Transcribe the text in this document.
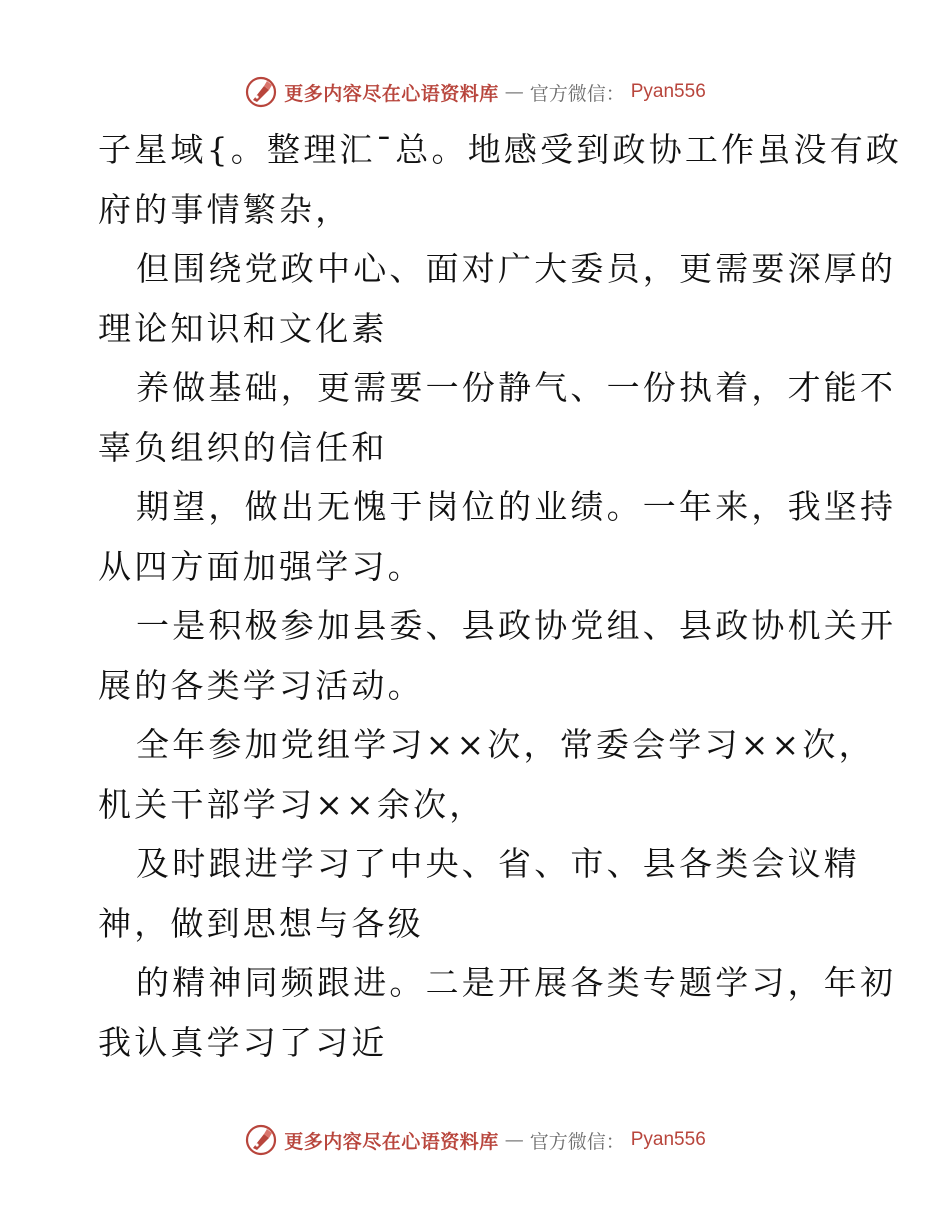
更多内容尽在心语资料库 — 官方微信： Pyan556
子星域{。整理汇¯总。地感受到政协工作虽没有政
府的事情繁杂，
但围绕党政中心、面对广大委员，更需要深厚的
理论知识和文化素
养做基础，更需要一份静气、一份执着，才能不
辜负组织的信任和
期望，做出无愧于岗位的业绩。一年来，我坚持
从四方面加强学习。
一是积极参加县委、县政协党组、县政协机关开
展的各类学习活动。
全年参加党组学习××次，常委会学习××次，
机关干部学习××余次，
及时跟进学习了中央、省、市、县各类会议精
神，做到思想与各级
的精神同频跟进。二是开展各类专题学习，年初
我认真学习了习近
更多内容尽在心语资料库 — 官方微信： Pyan556
